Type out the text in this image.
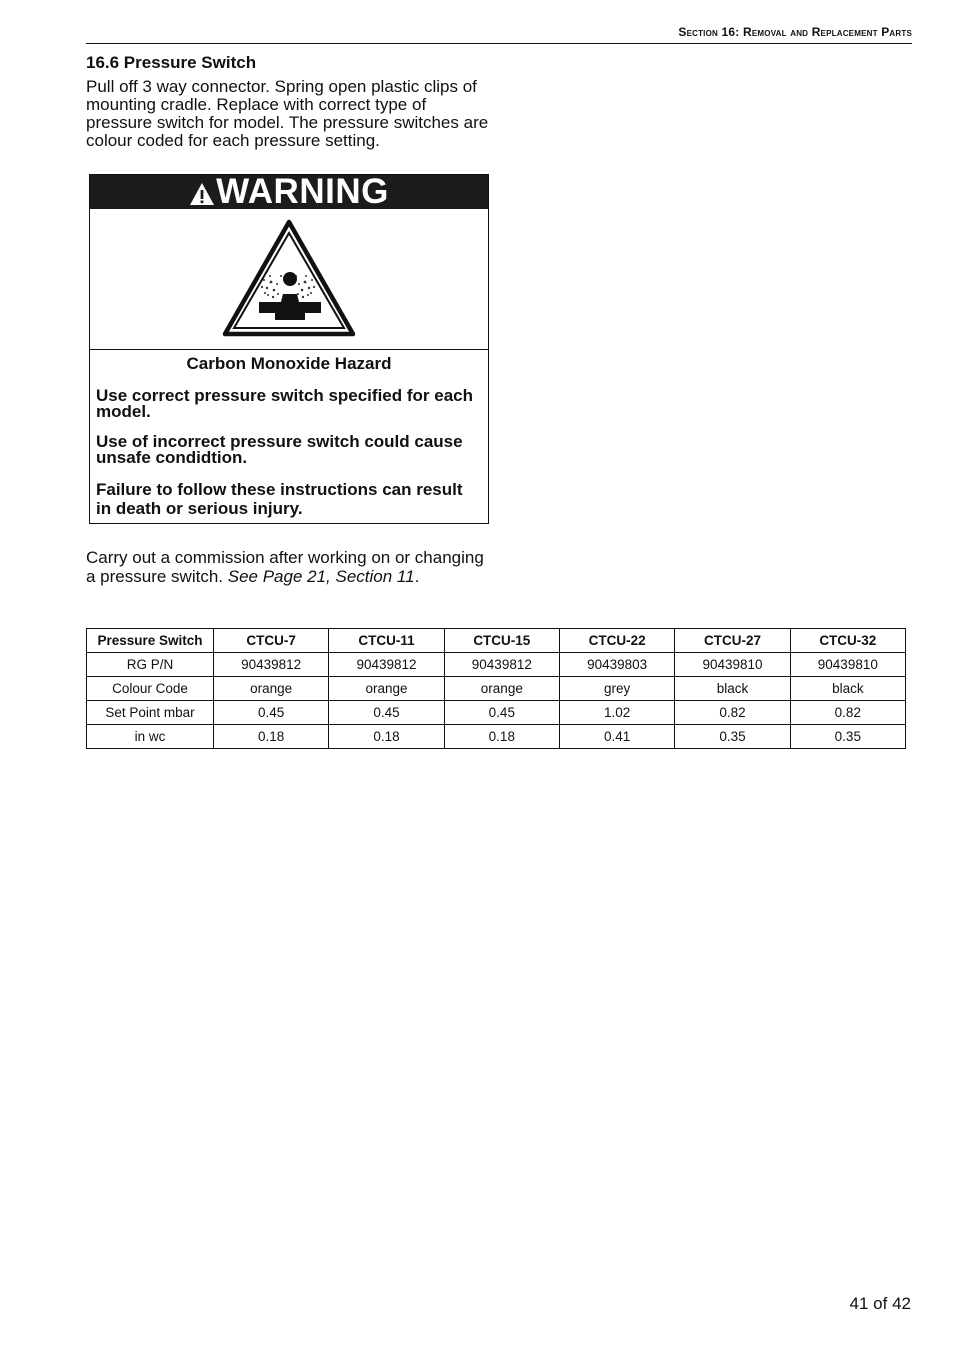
Section 16: Removal and Replacement Parts
16.6 Pressure Switch

Pull off 3 way connector. Spring open plastic clips of mounting cradle. Replace with correct type of pressure switch for model. The pressure switches are colour coded for each pressure setting.

WARNING

Carbon Monoxide Hazard

Use correct pressure switch specified for each model.

Use of incorrect pressure switch could cause unsafe condidtion.

Failure to follow these instructions can result in death or serious injury.

Carry out a commission after working on or changing a pressure switch. See Page 21, Section 11.

Pressure Switch	CTCU-7	CTCU-11	CTCU-15	CTCU-22	CTCU-27	CTCU-32
RG P/N	90439812	90439812	90439812	90439803	90439810	90439810
Colour Code	orange	orange	orange	grey	black	black
Set Point mbar	0.45	0.45	0.45	1.02	0.82	0.82
in wc	0.18	0.18	0.18	0.41	0.35	0.35
41 of 42
